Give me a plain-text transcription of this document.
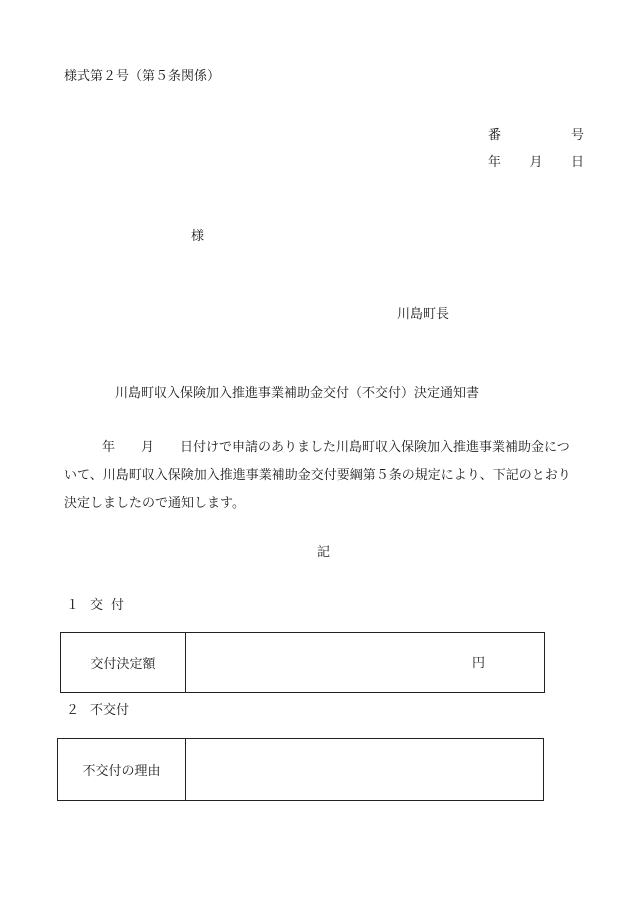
様式第２号（第５条関係）
番	号
年 月 日
様
川島町長
川島町収入保険加入推進事業補助金交付（不交付）決定通知書
年 月 日付けで申請のありました川島町収入保険加入推進事業補助金につ
いて、川島町収入保険加入推進事業補助金交付要綱第５条の規定により、下記のとおり
決定しましたので通知します。
記
１ 交付
交付決定額	円
２ 不交付
不交付の理由	
